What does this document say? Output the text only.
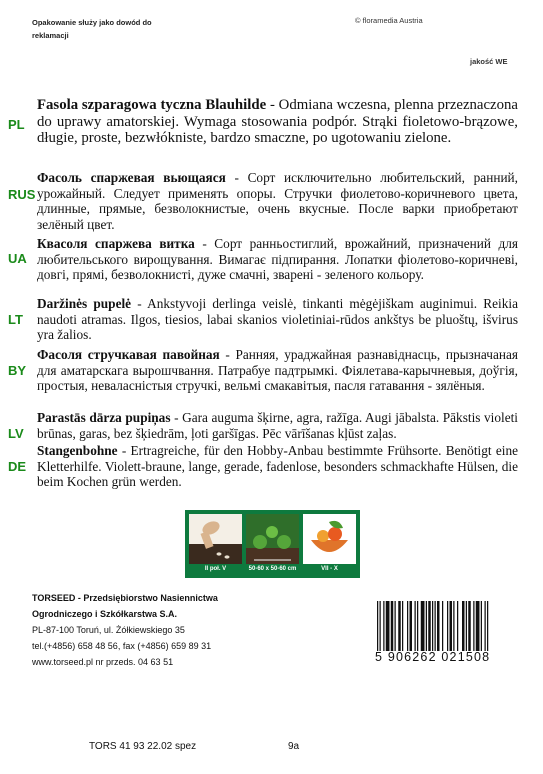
Opakowanie służy jako dowód do reklamacji
© floramedia Austria
jakość WE
PL
Fasola szparagowa tyczna Blauhilde - Odmiana wczesna, plenna przeznaczona do uprawy amatorskiej. Wymaga stosowania podpór. Strąki fioletowo-brązowe, długie, proste, bezwłókniste, bardzo smaczne, po ugotowaniu zielone.
RUS
Фасоль спаржевая вьющаяся - Сорт исключительно любительский, ранний, урожайный. Следует применять опоры. Стручки фиолетово-коричневого цвета, длинные, прямые, безволокнистые, очень вкусные. После варки приобретают зелёный цвет.
UA
Квасоля спаржева витка - Сорт ранньостиглий, врожайний, призначений для любительського вирощування. Вимагає підпирання. Лопатки фіолетово-коричневі, довгі, прямі, безволокнисті, дуже смачні, зварені - зеленого кольору.
LT
Daržinės pupelė - Ankstyvoji derlinga veislė, tinkanti mėgėjiškam auginimui. Reikia naudoti atramas. Ilgos, tiesios, labai skanios violetiniai-rūdos ankštys be pluoštų, išvirus yra žalios.
BY
Фасоля стручкавая павойная - Ранняя, ураджайная разнавіднасць, прызначаная для аматарскага вырошчвання. Патрабуе падтрымкі. Фіялетава-карычневыя, доўгія, простыя, неваласністыя стручкі, вельмі смакавітыя, пасля гатавання - зялёныя.
LV
Parastās dārza pupiņas - Gara auguma šķirne, agra, ražīga. Augi jābalsta. Pākstis violeti brūnas, garas, bez šķiedrām, ļoti garšīgas. Pēc vārīšanas kļūst zaļas.
DE
Stangenbohne - Ertragreiche, für den Hobby-Anbau bestimmte Frühsorte. Benötigt eine Kletterhilfe. Violett-braune, lange, gerade, fadenlose, besonders schmackhafte Hülsen, die beim Kochen grün werden.
II poł. V	50-60 x 50-60 cm	VII - X
TORSEED - Przedsiębiorstwo Nasiennictwa
Ogrodniczego i Szkółkarstwa S.A.
PL-87-100 Toruń, ul. Żółkiewskiego 35
tel.(+4856) 658 48 56, fax (+4856) 659 89 31
www.torseed.pl nr przeds. 04 63 51	5 906262 021508
TORS 41 93 22.02 spez	9a
